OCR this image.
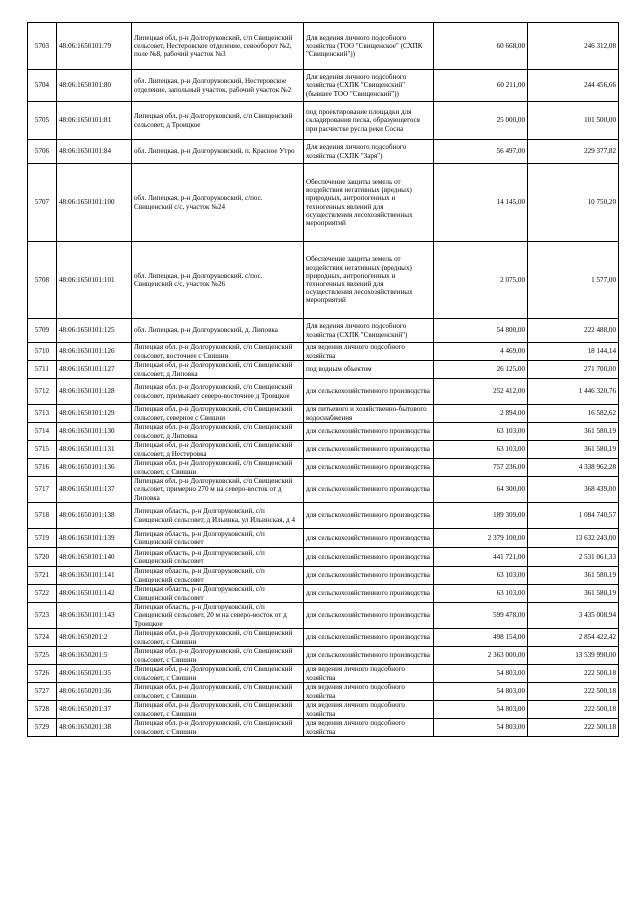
5703	48:06:1650101:79	Липецкая обл, р-н Долгоруковский, с/п Свищенский сельсовет, Нестеровское отделение, севооборот №2, поле №8, рабочий участок №3	Для ведения личного подсобного хозяйства (ТОО "Свищенское" (СХПК "Свищенский"))	60 668,00	246 312,08
5704	48:06:1650101:80	обл. Липецкая, р-н Долгоруковский, Нестеровское отделение, запольный участок, рабочий участок №2	Для ведения личного подсобного хозяйства (СХПК "Свищенский" (бывшее ТОО "Свищенский"))	60 211,00	244 456,66
5705	48:06:1650101:81	Липецкая обл, р-н Долгоруковский, с/п Свищенский сельсовет, д Троицкое	под проектирование площадки для складирования песка, образующегося при расчистке русла реки Сосна	25 000,00	101 500,00
5706	48:06:1650101:84	обл. Липецкая, р-н Долгоруковский, п. Красное Утро	Для ведения личного подсобного хозяйства (СХПК "Заря")	56 497,00	229 377,82
5707	48:06:1650101:100	обл. Липецкая, р-н Долгоруковский, с/пос. Свищенский с/с, участок №24	Обеспечение защиты земель от воздействия негативных (вредных) природных, антропогенных и техногенных явлений для осуществления лесохозяйственных мероприятий	14 145,00	10 750,20
5708	48:06:1650101:101	обл. Липецкая, р-н Долгоруковский, с/пос. Свищенский с/с, участок №26	Обеспечение защиты земель от воздействия негативных (вредных) природных, антропогенных и техногенных явлений для осуществления лесохозяйственных мероприятий	2 075,00	1 577,00
5709	48:06:1650101:125	обл. Липецкая, р-н Долгоруковский, д. Липовка	Для ведения личного подсобного хозяйства (СХПК "Свищенский")	54 800,00	222 488,00
5710	48:06:1650101:126	Липецкая обл, р-н Долгоруковский, с/п Свищенский сельсовет, восточнее с Свишни	для ведения личного подсобного хозяйства	4 469,00	18 144,14
5711	48:06:1650101:127	Липецкая обл, р-н Долгоруковский, с/п Свищенский сельсовет, д Липовка	под водным объектом	26 125,00	271 700,00
5712	48:06:1650101:128	Липецкая обл, р-н Долгоруковский, с/п Свищенский сельсовет, примыкает северо-восточнее д Троицкое	для сельскохозяйственного производства	252 412,00	1 446 320,76
5713	48:06:1650101:129	Липецкая обл, р-н Долгоруковский, с/п Свищенский сельсовет, северное с Свишни	для питьевого и хозяйственно-бытового водоснабжения	2 894,00	16 582,62
5714	48:06:1650101:130	Липецкая обл, р-н Долгоруковский, с/п Свищенский сельсовет, д Липовка	для сельскохозяйственного производства	63 103,00	361 580,19
5715	48:06:1650101:131	Липецкая обл, р-н Долгоруковский, с/п Свищенский сельсовет, д Нестеровка	для сельскохозяйственного производства	63 103,00	361 580,19
5716	48:06:1650101:136	Липецкая обл, р-н Долгоруковский, с/п Свищенский сельсовет, с Свишни	для сельскохозяйственного производства	757 236,00	4 338 962,28
5717	48:06:1650101:137	Липецкая обл, р-н Долгоруковский, с/п Свищенский сельсовет, примерно 270 м на северо-восток от д Липовка	для сельскохозяйственного производства	64 300,00	368 439,00
5718	48:06:1650101:138	Липецкая область, р-н Долгоруковский, с/п Свищенский сельсовет, д Ильинка, ул Ильинская, д 4	для сельскохозяйственного производства	189 309,00	1 084 740,57
5719	48:06:1650101:139	Липецкая область, р-н Долгоруковский, с/п Свищенский сельсовет	для сельскохозяйственного производства	2 379 100,00	13 632 243,00
5720	48:06:1650101:140	Липецкая область, р-н Долгоруковский, с/п Свищенский сельсовет	для сельскохозяйственного производства	441 721,00	2 531 061,33
5721	48:06:1650101:141	Липецкая область, р-н Долгоруковский, с/п Свищенский сельсовет	для сельскохозяйственного производства	63 103,00	361 580,19
5722	48:06:1650101:142	Липецкая область, р-н Долгоруковский, с/п Свищенский сельсовет	для сельскохозяйственного производства	63 103,00	361 580,19
5723	48:06:1650101:143	Липецкая область, р-н Долгоруковский, с/п Свищенский сельсовет, 20 м на северо-восток от д Троицкое	для сельскохозяйственного производства	599 478,00	3 435 008,94
5724	48:06:1650201:2	Липецкая обл, р-н Долгоруковский, с/п Свищенский сельсовет, с Свишни	для сельскохозяйственного производства	498 154,00	2 854 422,42
5725	48:06:1650201:5	Липецкая обл, р-н Долгоруковский, с/п Свищенский сельсовет, с Свишни	для сельскохозяйственного производства	2 363 000,00	13 539 990,00
5726	48:06:1650201:35	Липецкая обл, р-н Долгоруковский, с/п Свищенский сельсовет, с Свишни	для ведения личного подсобного хозяйства	54 803,00	222 500,18
5727	48:06:1650201:36	Липецкая обл, р-н Долгоруковский, с/п Свищенский сельсовет, с Свишни	для ведения личного подсобного хозяйства	54 803,00	222 500,18
5728	48:06:1650201:37	Липецкая обл, р-н Долгоруковский, с/п Свищенский сельсовет, с Свишни	для ведения личного подсобного хозяйства	54 803,00	222 500,18
5729	48:06:1650201:38	Липецкая обл, р-н Долгоруковский, с/п Свищенский сельсовет, с Свишни	для ведения личного подсобного хозяйства	54 803,00	222 500,18
